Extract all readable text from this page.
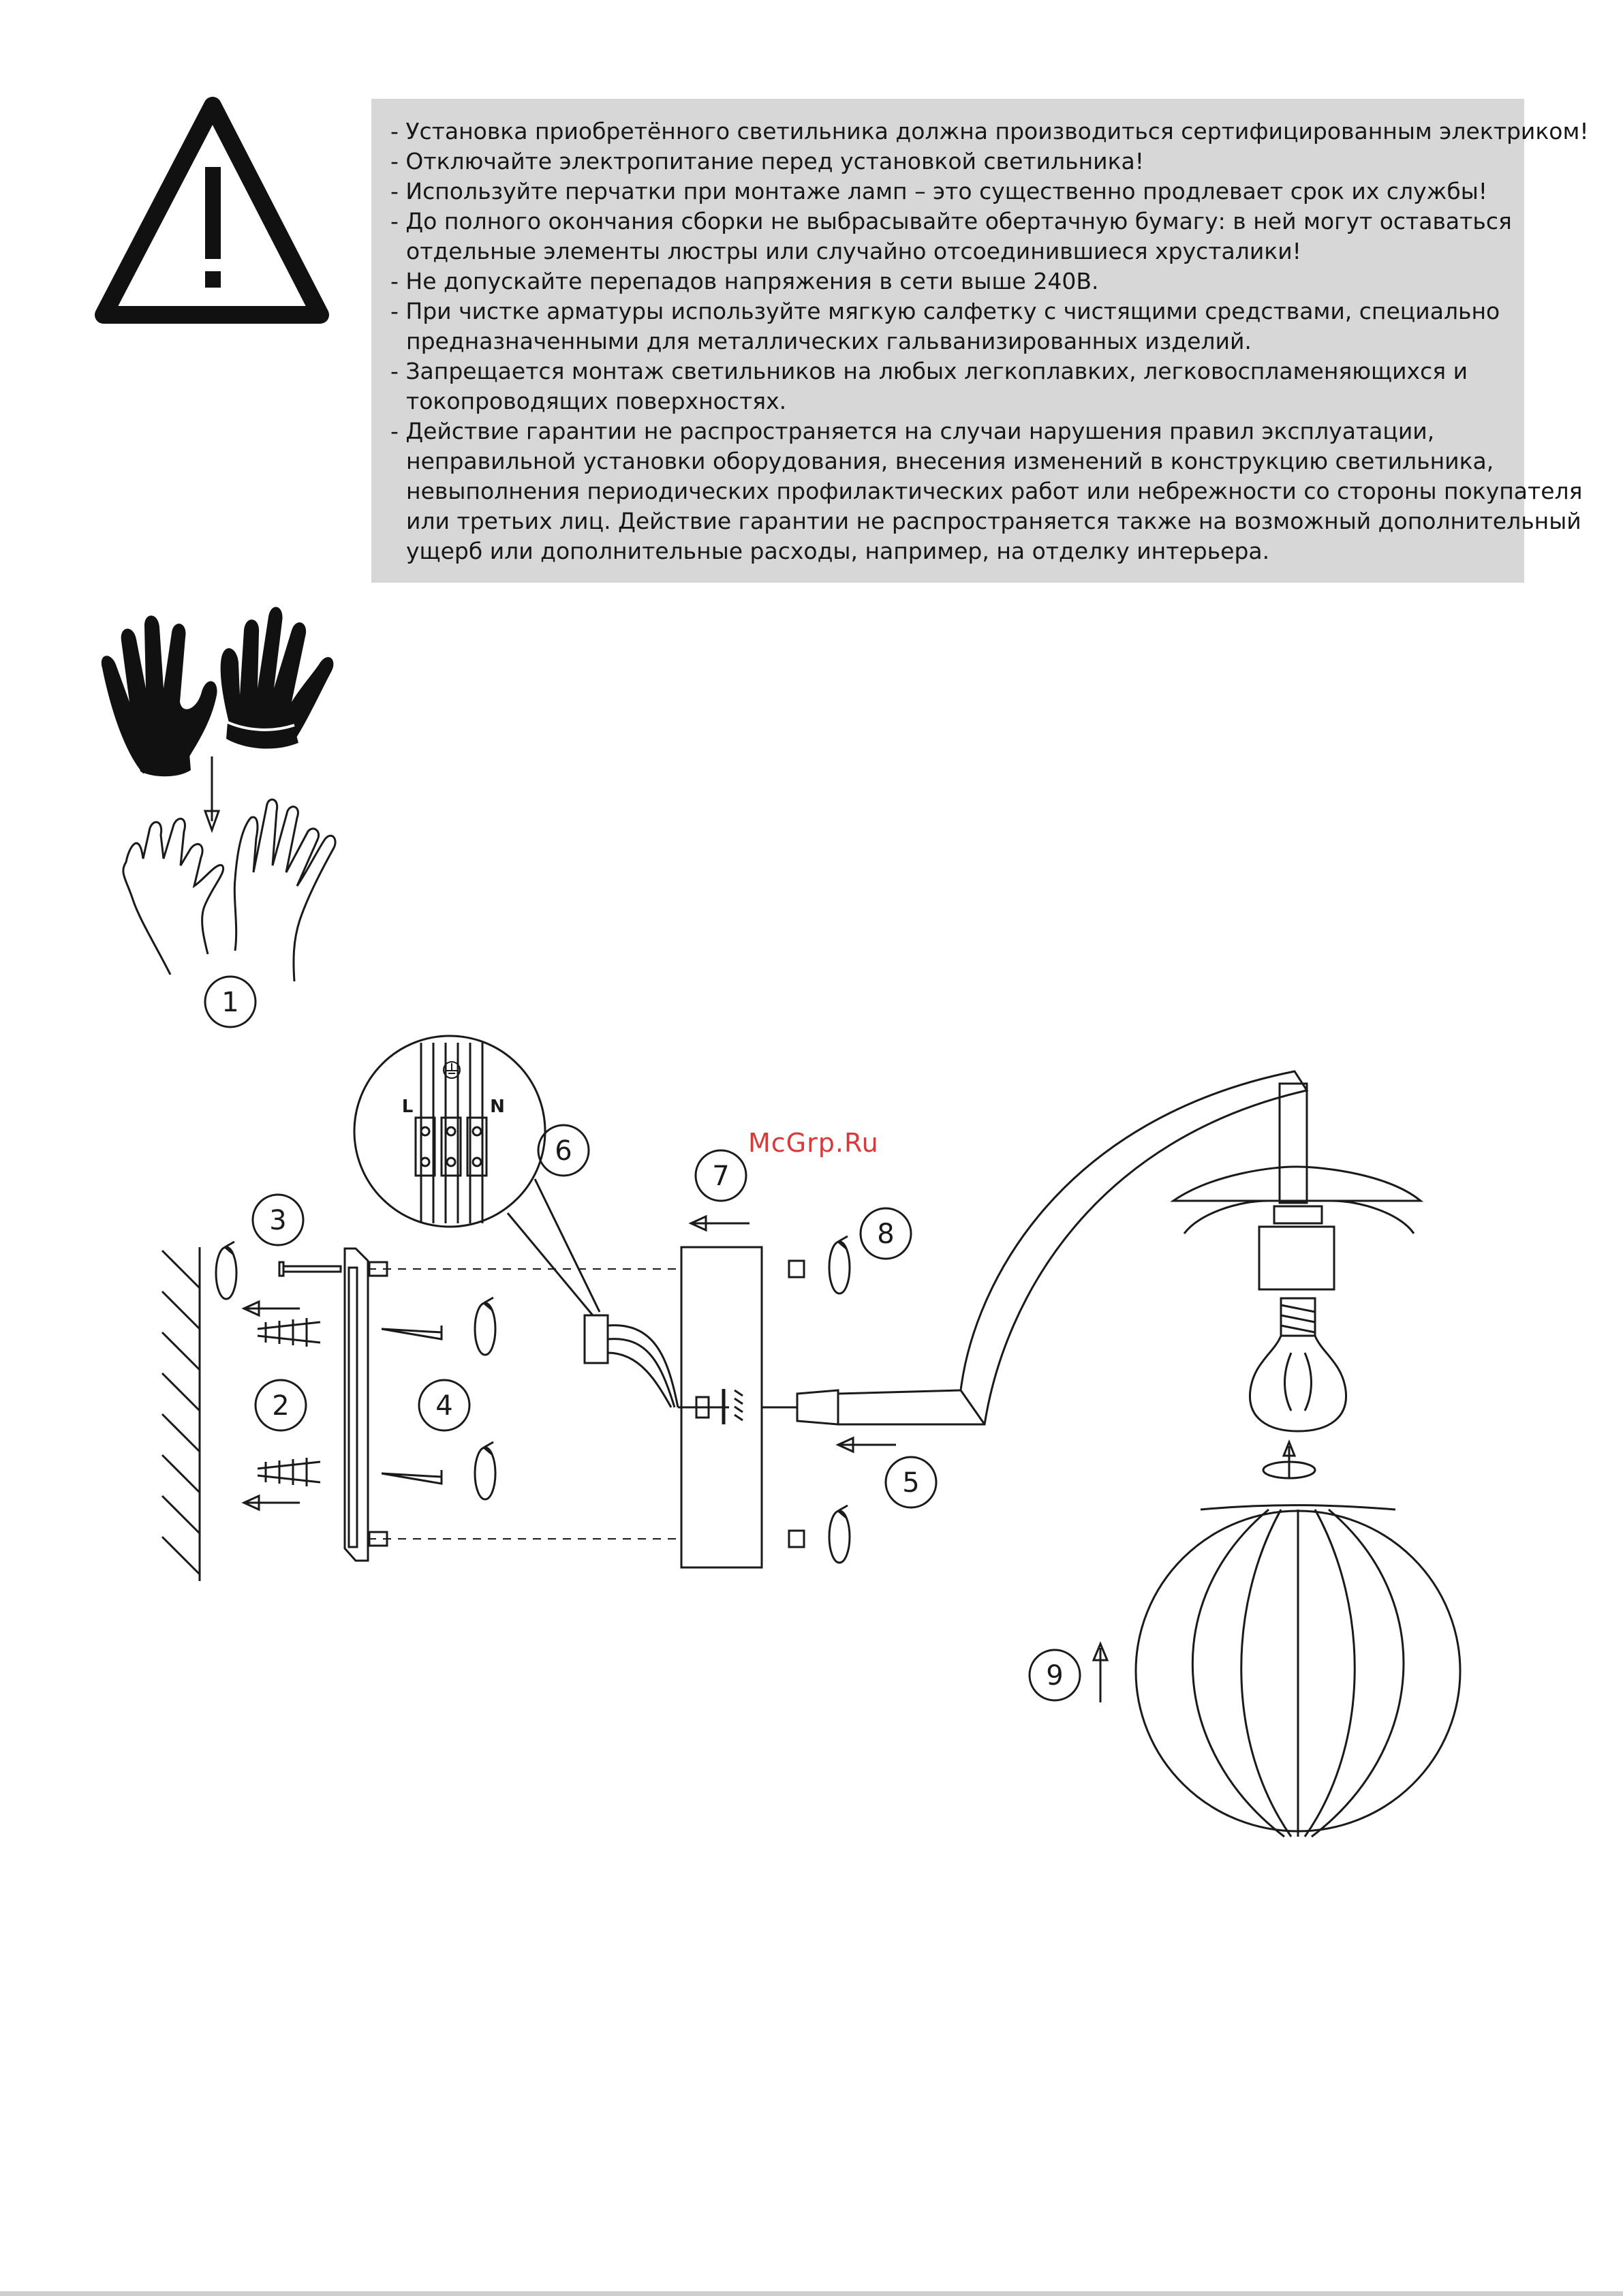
- Установка приобретённого светильника должна производиться сертифицированным электриком!

- Отключайте электропитание перед установкой светильника!

- Используйте перчатки при монтаже ламп – это существенно продлевает срок их службы!

- До полного окончания сборки не выбрасывайте обертачную бумагу: в ней могут оставаться

отдельные элементы люстры или случайно отсоединившиеся хрусталики!

- Не допускайте перепадов напряжения в сети выше 240В.

- При чистке арматуры используйте мягкую салфетку с чистящими средствами, специально

предназначенными для металлических гальванизированных изделий.

- Запрещается монтаж светильников на любых легкоплавких, легковоспламеняющихся и

токопроводящих поверхностях.

- Действие гарантии не распространяется на случаи нарушения правил эксплуатации,

неправильной установки оборудования, внесения изменений в конструкцию светильника,

невыполнения периодических профилактических работ или небрежности со стороны покупателя

или третьих лиц. Действие гарантии не распространяется также на возможный дополнительный

ущерб или дополнительные расходы, например, на отделку интерьера.

McGrp.Ru
1
2
3
4
5
6
7
8
9
L	N
